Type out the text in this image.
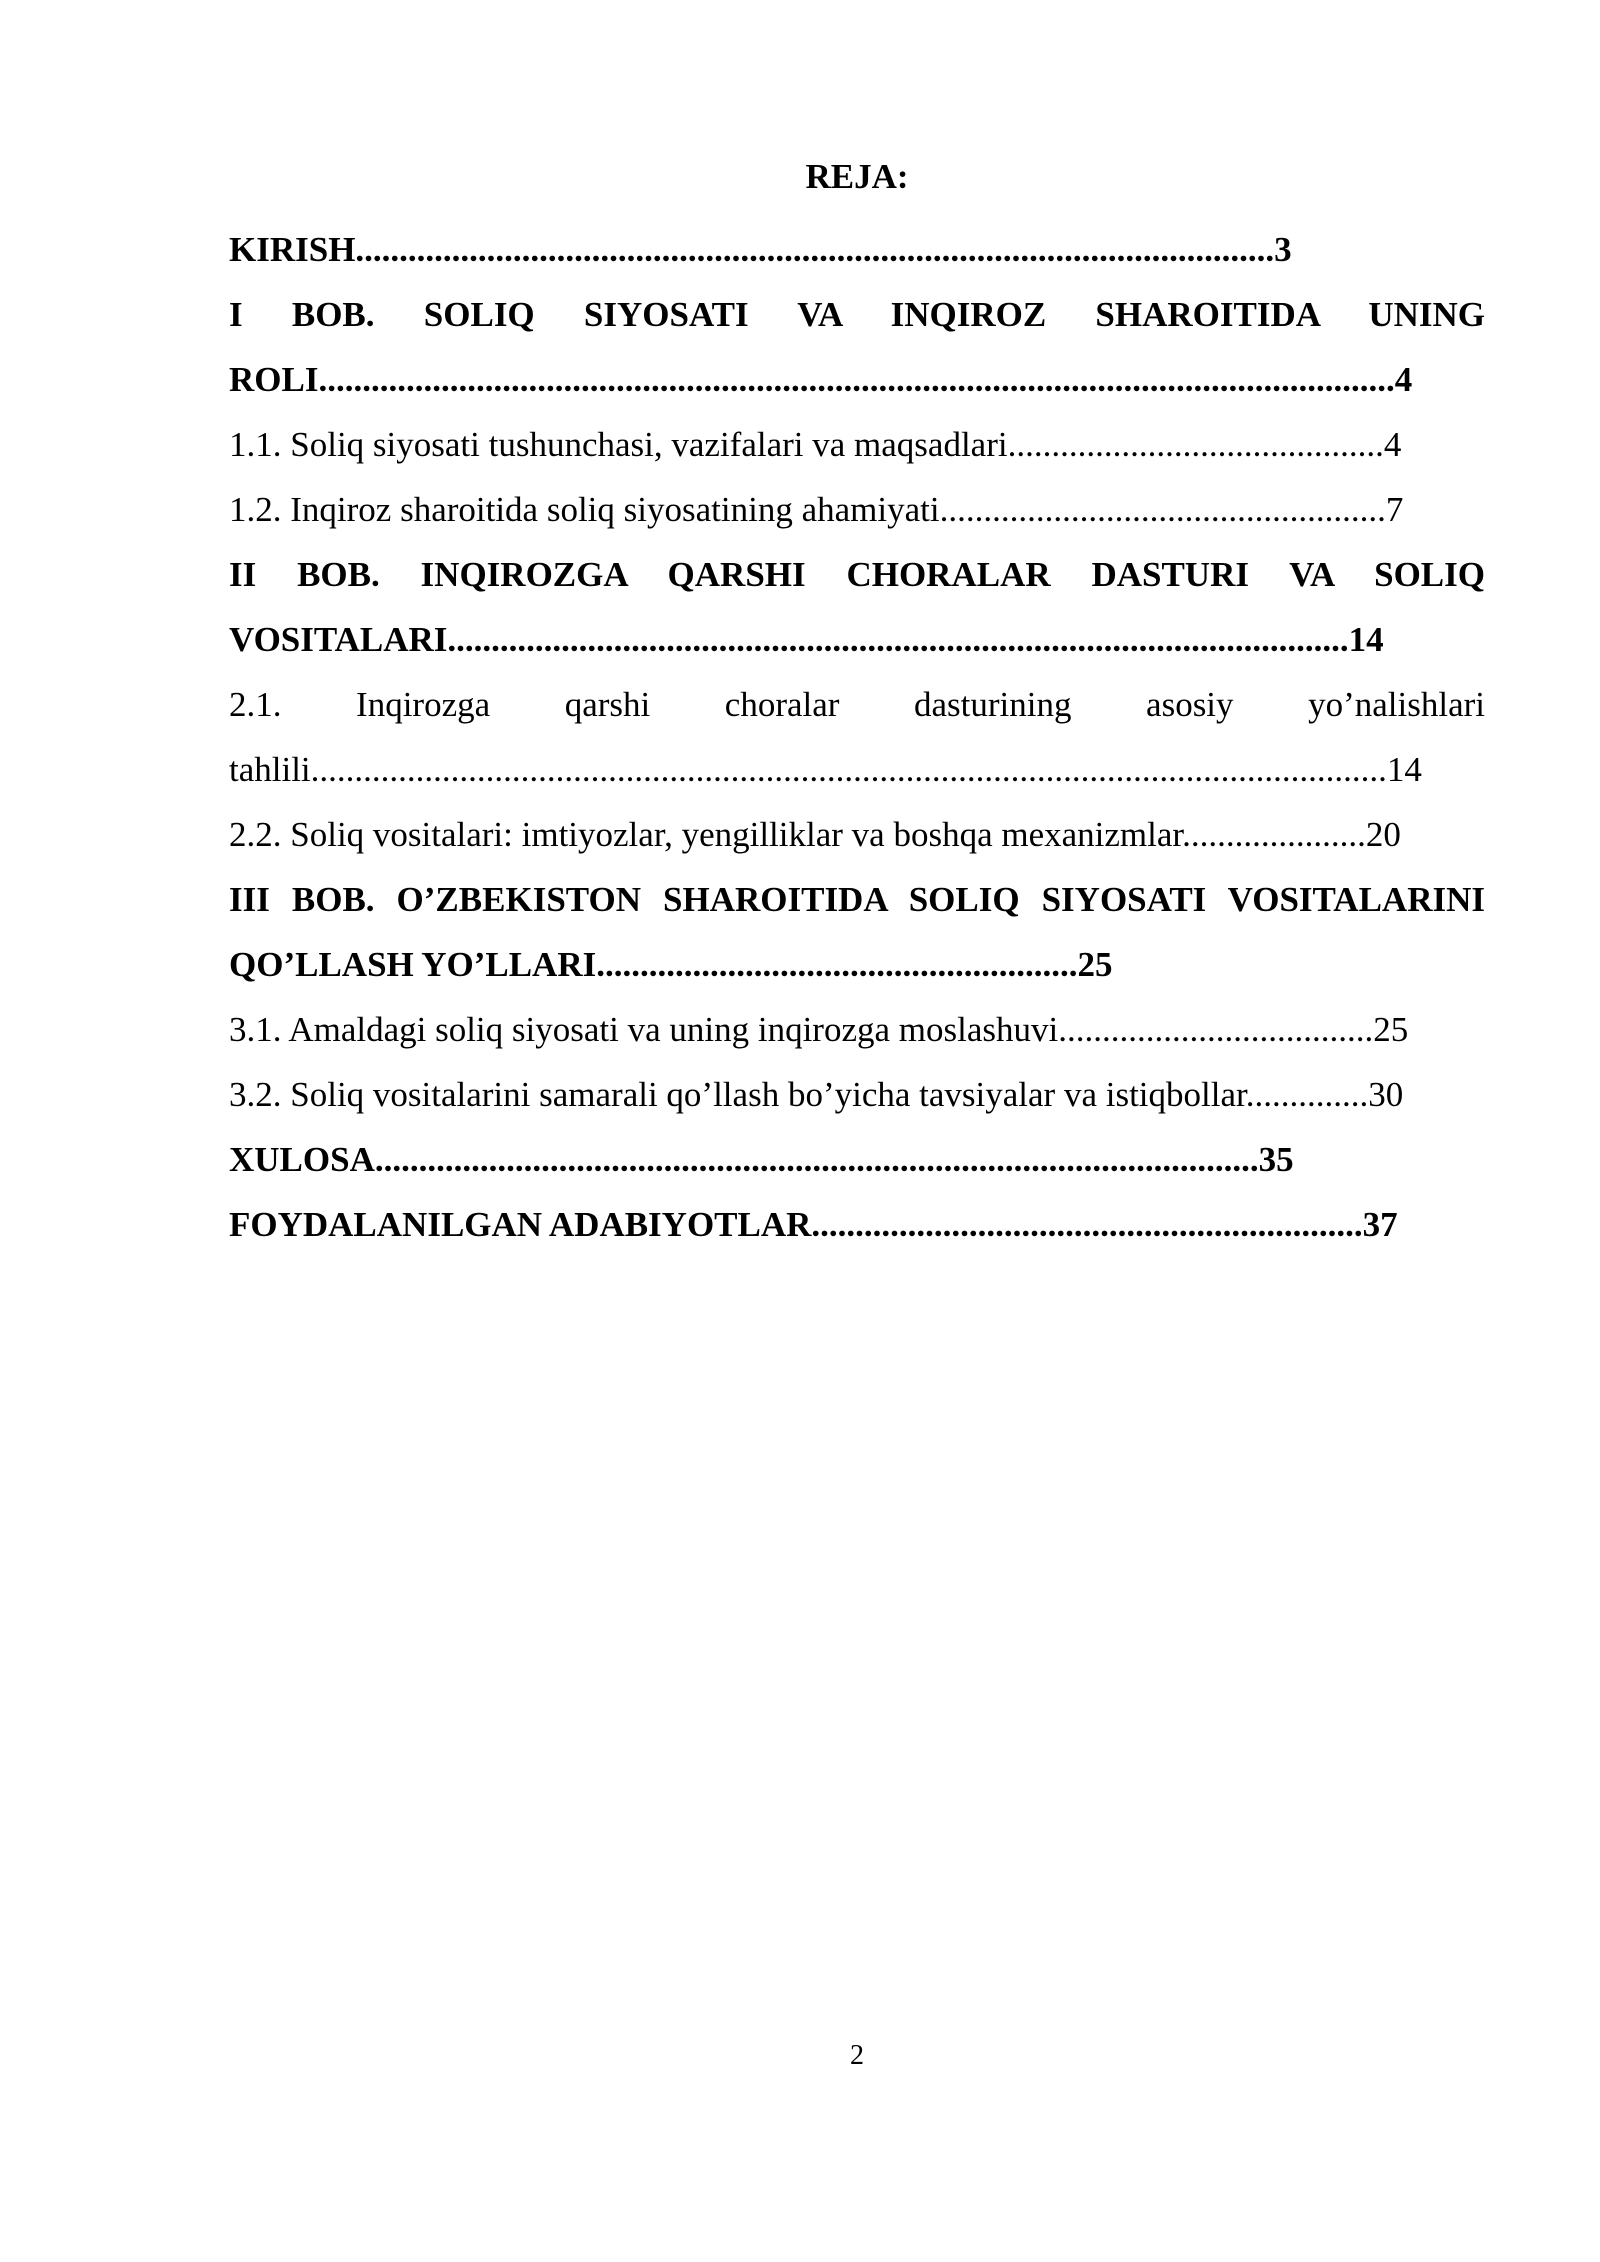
REJA:
KIRISH.........................................................................................................3
I BOB. SOLIQ SIYOSATI VA INQIROZ SHAROITIDA UNING ROLI...........................................................................................................................4
1.1. Soliq siyosati tushunchasi, vazifalari va maqsadlari...........................................4
1.2. Inqiroz sharoitida soliq siyosatining ahamiyati...................................................7
II BOB. INQIROZGA QARSHI CHORALAR DASTURI VA SOLIQ VOSITALARI.......................................................................................................14
2.1. Inqirozga qarshi choralar dasturining asosiy yo’nalishlari tahlili...........................................................................................................................14
2.2. Soliq vositalari: imtiyozlar, yengilliklar va boshqa mexanizmlar.....................20
III BOB. O’ZBEKISTON SHAROITIDA SOLIQ SIYOSATI VOSITALARINI QO’LLASH YO’LLARI.......................................................25
3.1. Amaldagi soliq siyosati va uning inqirozga moslashuvi....................................25
3.2. Soliq vositalarini samarali qo’llash bo’yicha tavsiyalar va istiqbollar..............30
XULOSA.....................................................................................................35
FOYDALANILGAN ADABIYOTLAR...............................................................37
2
